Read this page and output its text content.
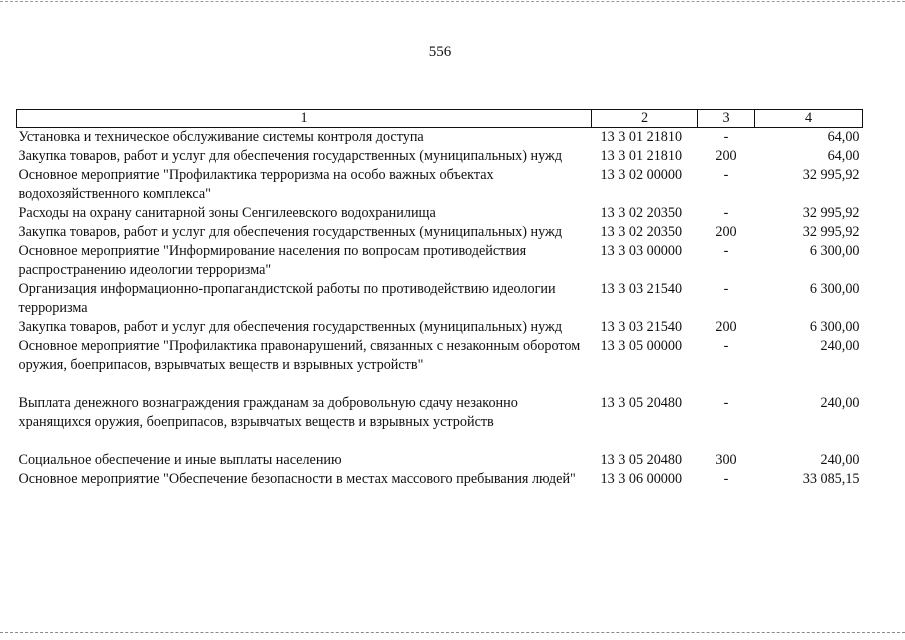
556
1	2	3	4
Установка и техническое обслуживание системы контроля доступа	13 3 01 21810	-	64,00
Закупка товаров, работ и услуг для обеспечения государственных (муниципальных) нужд	13 3 01 21810	200	64,00
Основное мероприятие "Профилактика терроризма на особо важных объектах водохозяйственного комплекса"	13 3 02 00000	-	32 995,92
Расходы на охрану санитарной зоны Сенгилеевского водохранилища	13 3 02 20350	-	32 995,92
Закупка товаров, работ и услуг для обеспечения государственных (муниципальных) нужд	13 3 02 20350	200	32 995,92
Основное мероприятие "Информирование населения по вопросам противодействия распространению идеологии терроризма"	13 3 03 00000	-	6 300,00
Организация информационно-пропагандистской работы по противодействию идеологии терроризма	13 3 03 21540	-	6 300,00
Закупка товаров, работ и услуг для обеспечения государственных (муниципальных) нужд	13 3 03 21540	200	6 300,00
Основное мероприятие "Профилактика правонарушений, связанных с незаконным оборотом оружия, боеприпасов, взрывчатых веществ и взрывных устройств"	13 3 05 00000	-	240,00
Выплата денежного вознаграждения гражданам за добровольную сдачу незаконно хранящихся оружия, боеприпасов, взрывчатых веществ и взрывных устройств	13 3 05 20480	-	240,00
Социальное обеспечение и иные выплаты населению	13 3 05 20480	300	240,00
Основное мероприятие "Обеспечение безопасности в местах массового пребывания людей"	13 3 06 00000	-	33 085,15
